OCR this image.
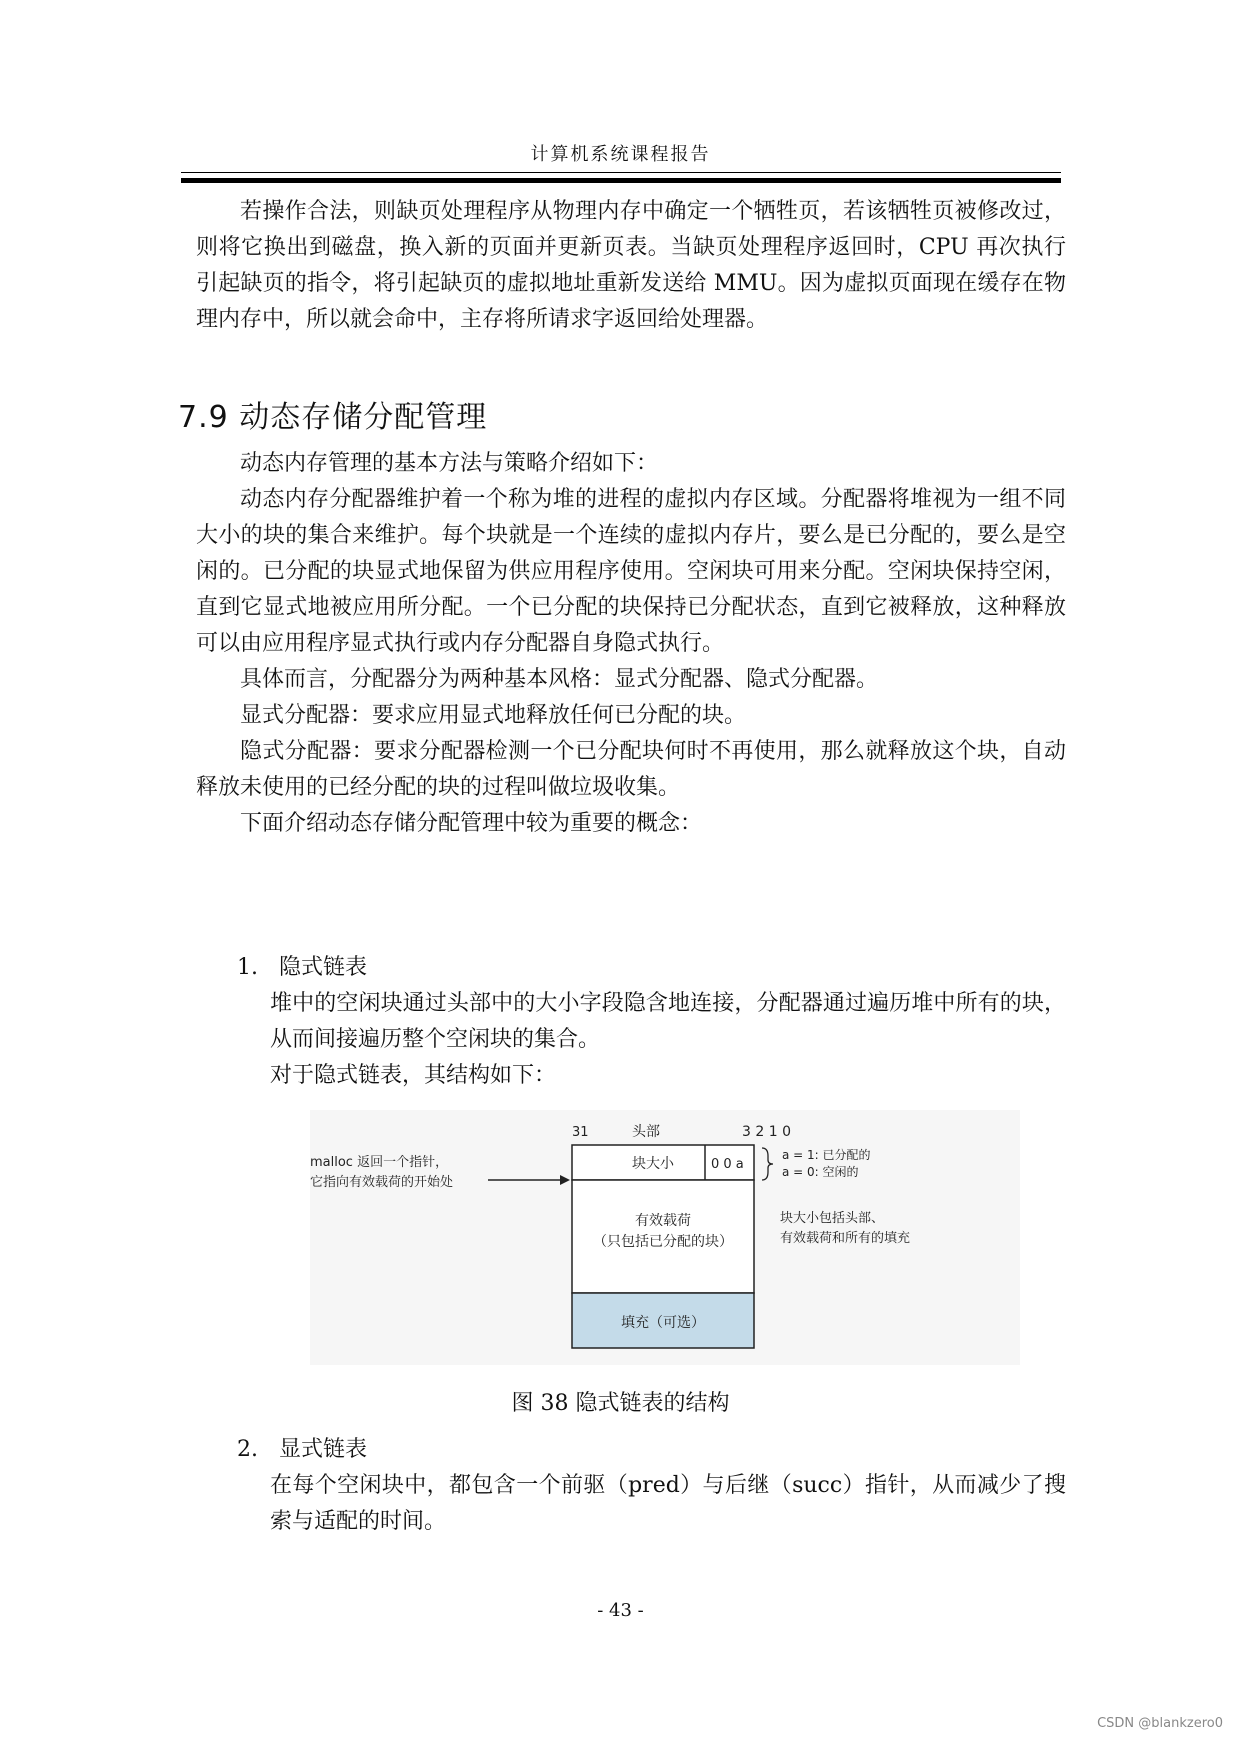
计算机系统课程报告

若操作合法，则缺页处理程序从物理内存中确定一个牺牲页，若该牺牲页被修改过，则将它换出到磁盘，换入新的页面并更新页表。当缺页处理程序返回时，CPU 再次执行引起缺页的指令，将引起缺页的虚拟地址重新发送给 MMU。因为虚拟页面现在缓存在物理内存中，所以就会命中，主存将所请求字返回给处理器。

7.9 动态存储分配管理

动态内存管理的基本方法与策略介绍如下：

动态内存分配器维护着一个称为堆的进程的虚拟内存区域。分配器将堆视为一组不同大小的块的集合来维护。每个块就是一个连续的虚拟内存片，要么是已分配的，要么是空闲的。已分配的块显式地保留为供应用程序使用。空闲块可用来分配。空闲块保持空闲，直到它显式地被应用所分配。一个已分配的块保持已分配状态，直到它被释放，这种释放可以由应用程序显式执行或内存分配器自身隐式执行。

具体而言，分配器分为两种基本风格：显式分配器、隐式分配器。

显式分配器：要求应用显式地释放任何已分配的块。

隐式分配器：要求分配器检测一个已分配块何时不再使用，那么就释放这个块，自动释放未使用的已经分配的块的过程叫做垃圾收集。

下面介绍动态存储分配管理中较为重要的概念：

1. 隐式链表

堆中的空闲块通过头部中的大小字段隐含地连接，分配器通过遍历堆中所有的块，从而间接遍历整个空闲块的集合。

对于隐式链表，其结构如下：

31	头部	3 2 1 0
块大小	0 0 a
a = 1: 已分配的
a = 0: 空闲的
有效载荷
（只包括已分配的块）
填充（可选）
malloc 返回一个指针，
它指向有效载荷的开始处
块大小包括头部、
有效载荷和所有的填充
图 38 隐式链表的结构
2. 显式链表

在每个空闲块中，都包含一个前驱（pred）与后继（succ）指针，从而减少了搜索与适配的时间。

- 43 -
CSDN @blankzero0
